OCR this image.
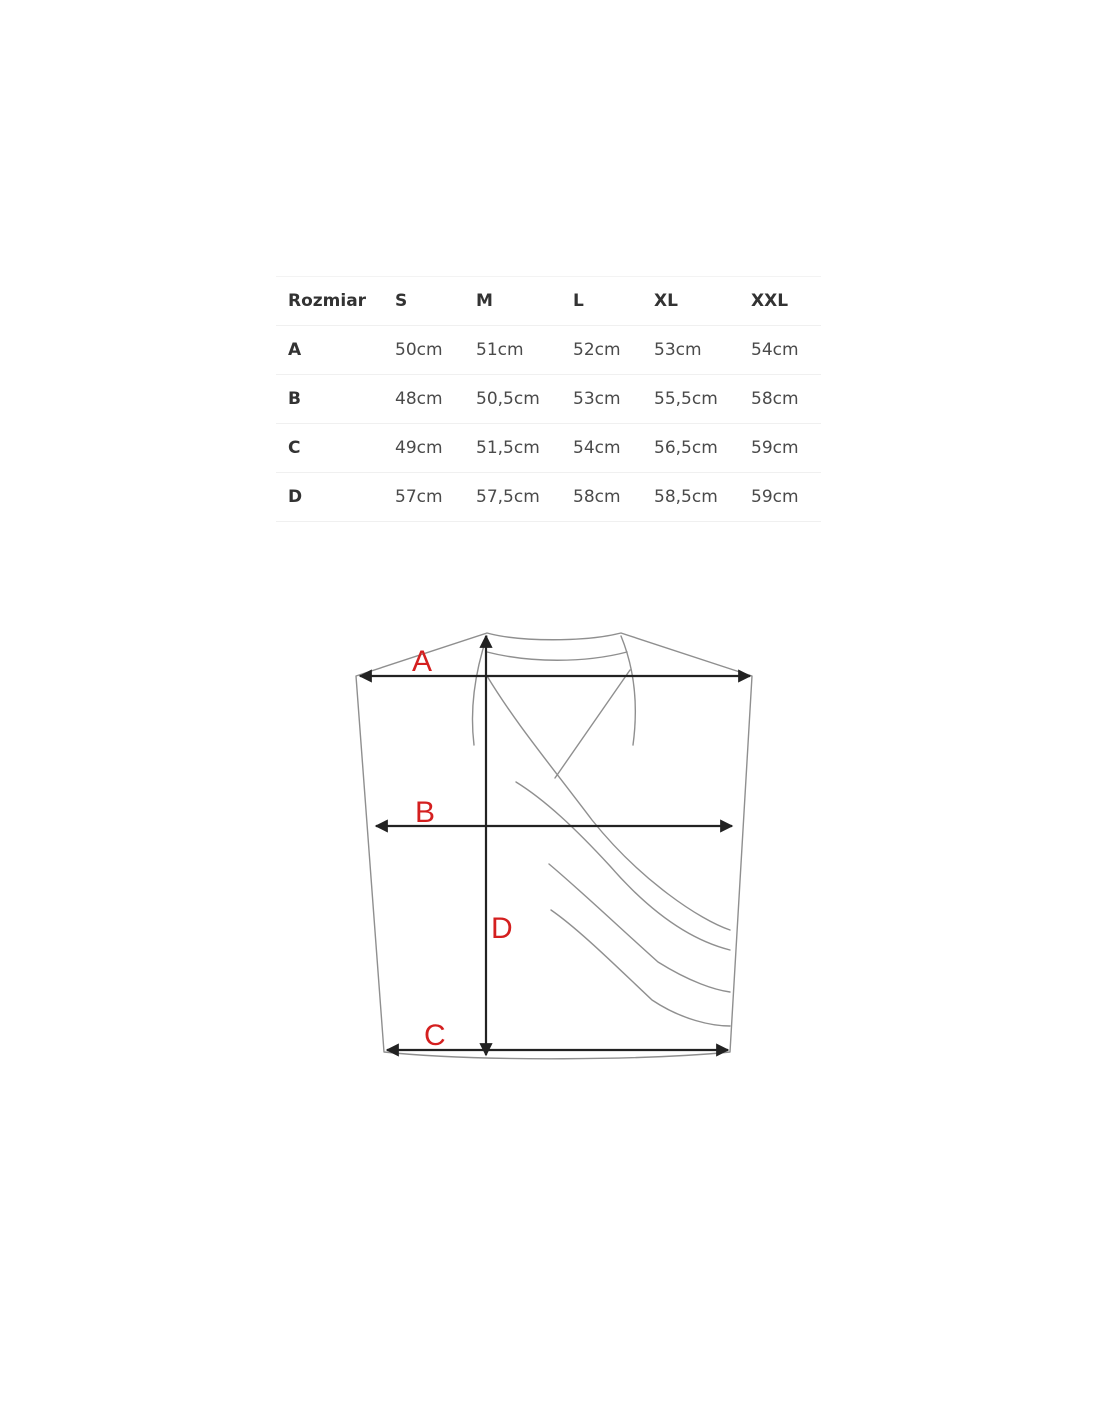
Rozmiar	S	M	L	XL	XXL
A	50cm	51cm	52cm	53cm	54cm
B	48cm	50,5cm	53cm	55,5cm	58cm
C	49cm	51,5cm	54cm	56,5cm	59cm
D	57cm	57,5cm	58cm	58,5cm	59cm
A
B
D
C
